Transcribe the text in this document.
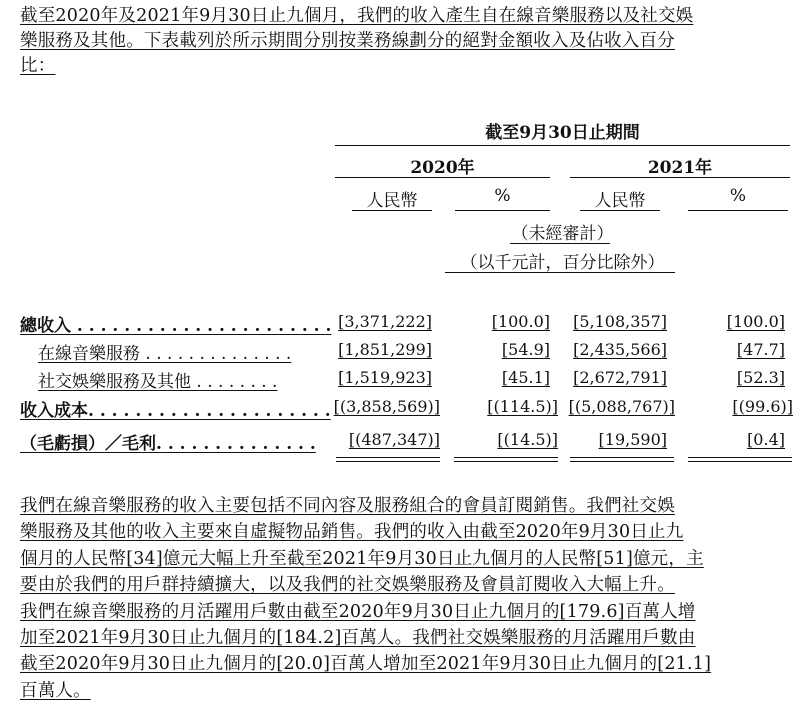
截至2020年及2021年9月30日止九個月，我們的收入產生自在線音樂服務以及社交娛
樂服務及其他。下表載列於所示期間分別按業務線劃分的絕對金額收入及佔收入百分
比：
截至9月30日止期間
2020年	2021年
人民幣	%	人民幣	%
（未經審計）
（以千元計，百分比除外）
總收入 . . . . . . . . . . . . . . . . . . . . . . [3,371,222]	[100.0] [5,108,357]	[100.0]
在線音樂服務 . . . . . . . . . . . . . .	[1,851,299]	[54.9] [2,435,566]	[47.7]
社交娛樂服務及其他 . . . . . . . .	[1,519,923]	[45.1] [2,672,791]	[52.3]
收入成本. . . . . . . . . . . . . . . . . . . . . [(3,858,569)]	[(114.5)] [(5,088,767)]	[(99.6)]
（毛虧損）／毛利. . . . . . . . . . . . . . [(487,347)]	[(14.5)]	[19,590]	[0.4]
我們在線音樂服務的收入主要包括不同內容及服務組合的會員訂閱銷售。我們社交娛
樂服務及其他的收入主要來自虛擬物品銷售。我們的收入由截至2020年9月30日止九
個月的人民幣[34]億元大幅上升至截至2021年9月30日止九個月的人民幣[51]億元，主
要由於我們的用戶群持續擴大，以及我們的社交娛樂服務及會員訂閱收入大幅上升。
我們在線音樂服務的月活躍用戶數由截至2020年9月30日止九個月的[179.6]百萬人增
加至2021年9月30日止九個月的[184.2]百萬人。我們社交娛樂服務的月活躍用戶數由
截至2020年9月30日止九個月的[20.0]百萬人增加至2021年9月30日止九個月的[21.1]
百萬人。
